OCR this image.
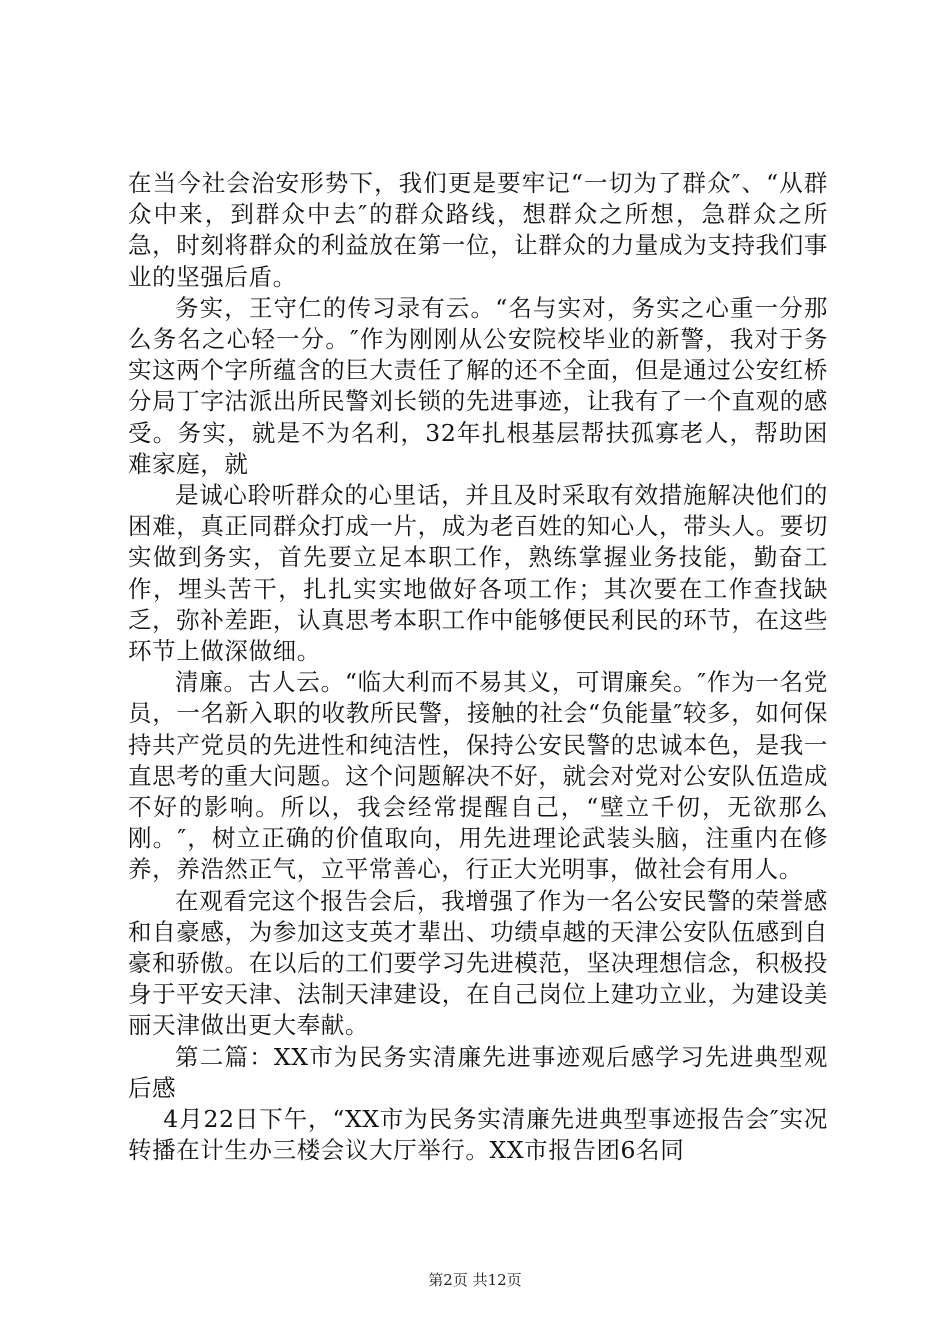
在当今社会治安形势下，我们更是要牢记“一切为了群众″、“从群众中来，到群众中去″的群众路线，想群众之所想，急群众之所急，时刻将群众的利益放在第一位，让群众的力量成为支持我们事业的坚强后盾。

务实，王守仁的传习录有云。“名与实对，务实之心重一分那么务名之心轻一分。″作为刚刚从公安院校毕业的新警，我对于务实这两个字所蕴含的巨大责任了解的还不全面，但是通过公安红桥分局丁字沽派出所民警刘长锁的先进事迹，让我有了一个直观的感受。务实，就是不为名利，32年扎根基层帮扶孤寡老人，帮助困难家庭，就

是诚心聆听群众的心里话，并且及时采取有效措施解决他们的困难，真正同群众打成一片，成为老百姓的知心人，带头人。要切实做到务实，首先要立足本职工作，熟练掌握业务技能，勤奋工作，埋头苦干，扎扎实实地做好各项工作；其次要在工作查找缺乏，弥补差距，认真思考本职工作中能够便民利民的环节，在这些环节上做深做细。

清廉。古人云。“临大利而不易其义，可谓廉矣。″作为一名党员，一名新入职的收教所民警，接触的社会“负能量″较多，如何保持共产党员的先进性和纯洁性，保持公安民警的忠诚本色，是我一直思考的重大问题。这个问题解决不好，就会对党对公安队伍造成不好的影响。所以，我会经常提醒自己，“壁立千仞，无欲那么刚。″，树立正确的价值取向，用先进理论武装头脑，注重内在修养，养浩然正气，立平常善心，行正大光明事，做社会有用人。

在观看完这个报告会后，我增强了作为一名公安民警的荣誉感和自豪感，为参加这支英才辈出、功绩卓越的天津公安队伍感到自豪和骄傲。在以后的工们要学习先进模范，坚决理想信念，积极投身于平安天津、法制天津建设，在自己岗位上建功立业，为建设美丽天津做出更大奉献。

第二篇：XX市为民务实清廉先进事迹观后感学习先进典型观后感

4月22日下午，“XX市为民务实清廉先进典型事迹报告会″实况转播在计生办三楼会议大厅举行。XX市报告团6名同

第2页 共12页
